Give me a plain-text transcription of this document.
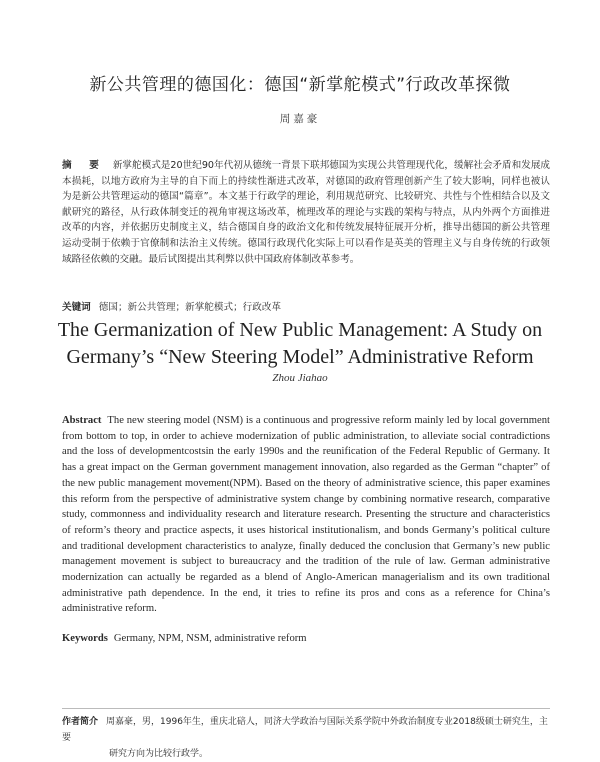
新公共管理的德国化：德国“新掌舵模式”行政改革探微
周嘉豪
摘　要 新掌舵模式是20世纪90年代初从德统一背景下联邦德国为实现公共管理现代化，缓解社会矛盾和发展成本损耗，以地方政府为主导的自下而上的持续性渐进式改革，对德国的政府管理创新产生了较大影响，同样也被认为是新公共管理运动的德国“篇章”。本文基于行政学的理论，利用规范研究、比较研究、共性与个性相结合以及文献研究的路径，从行政体制变迁的视角审视这场改革，梳理改革的理论与实践的架构与特点，从内外两个方面推进改革的内容，并依据历史制度主义，结合德国自身的政治文化和传统发展特征展开分析，推导出德国的新公共管理运动受制于依赖于官僚制和法治主义传统。德国行政现代化实际上可以看作是英美的管理主义与自身传统的行政领域路径依赖的交融。最后试图提出其利弊以供中国政府体制改革参考。
关键词 德国；新公共管理；新掌舵模式；行政改革
The Germanization of New Public Management: A Study on Germany’s “New Steering Model” Administrative Reform
Zhou Jiahao
Abstract The new steering model (NSM) is a continuous and progressive reform mainly led by local government from bottom to top, in order to achieve modernization of public administration, to alleviate social contradictions and the loss of developmentcostsin the early 1990s and the reunification of the Federal Republic of Germany. It has a great impact on the German government management innovation, also regarded as the German “chapter” of the new public management movement(NPM). Based on the theory of administrative science, this paper examines this reform from the perspective of administrative system change by combining normative research, comparative study, commonness and individuality research and literature research. Presenting the structure and characteristics of reform’s theory and practice aspects, it uses historical institutionalism, and bonds Germany’s political culture and traditional development characteristics to analyze, finally deduced the conclusion that Germany’s new public management movement is subject to bureaucracy and the tradition of the rule of law. German administrative modernization can actually be regarded as a blend of Anglo-American managerialism and its own traditional administrative path dependence. In the end, it tries to refine its pros and cons as a reference for China’s administrative reform.
Keywords Germany, NPM, NSM, administrative reform
作者简介 周嘉豪，男，1996年生，重庆北碚人，同济大学政治与国际关系学院中外政治制度专业2018级硕士研究生，主要
研究方向为比较行政学。
